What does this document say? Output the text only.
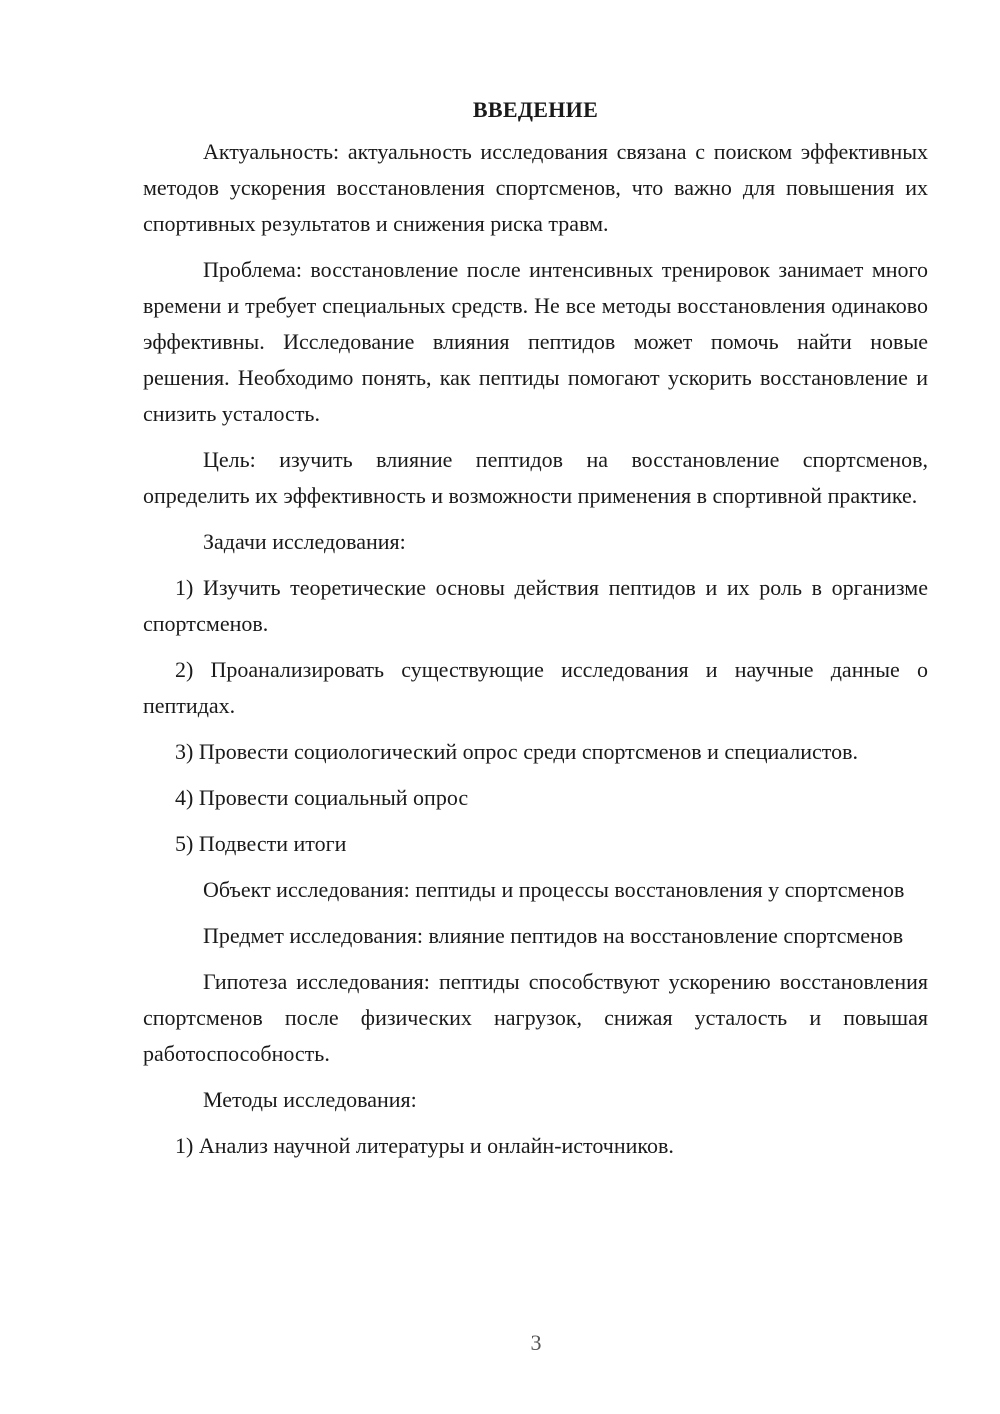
ВВЕДЕНИЕ

Актуальность: актуальность исследования связана с поиском эффективных методов ускорения восстановления спортсменов, что важно для повышения их спортивных результатов и снижения риска травм.

Проблема: восстановление после интенсивных тренировок занимает много времени и требует специальных средств. Не все методы восстановления одинаково эффективны. Исследование влияния пептидов может помочь найти новые решения. Необходимо понять, как пептиды помогают ускорить восстановление и снизить усталость.

Цель: изучить влияние пептидов на восстановление спортсменов, определить их эффективность и возможности применения в спортивной практике.

Задачи исследования:

1) Изучить теоретические основы действия пептидов и их роль в организме спортсменов.

2) Проанализировать существующие исследования и научные данные о пептидах.

3) Провести социологический опрос среди спортсменов и специалистов.

4) Провести социальный опрос

5) Подвести итоги

Объект исследования: пептиды и процессы восстановления у спортсменов

Предмет исследования: влияние пептидов на восстановление спортсменов

Гипотеза исследования: пептиды способствуют ускорению восстановления спортсменов после физических нагрузок, снижая усталость и повышая работоспособность.

Методы исследования:

1) Анализ научной литературы и онлайн-источников.

3
